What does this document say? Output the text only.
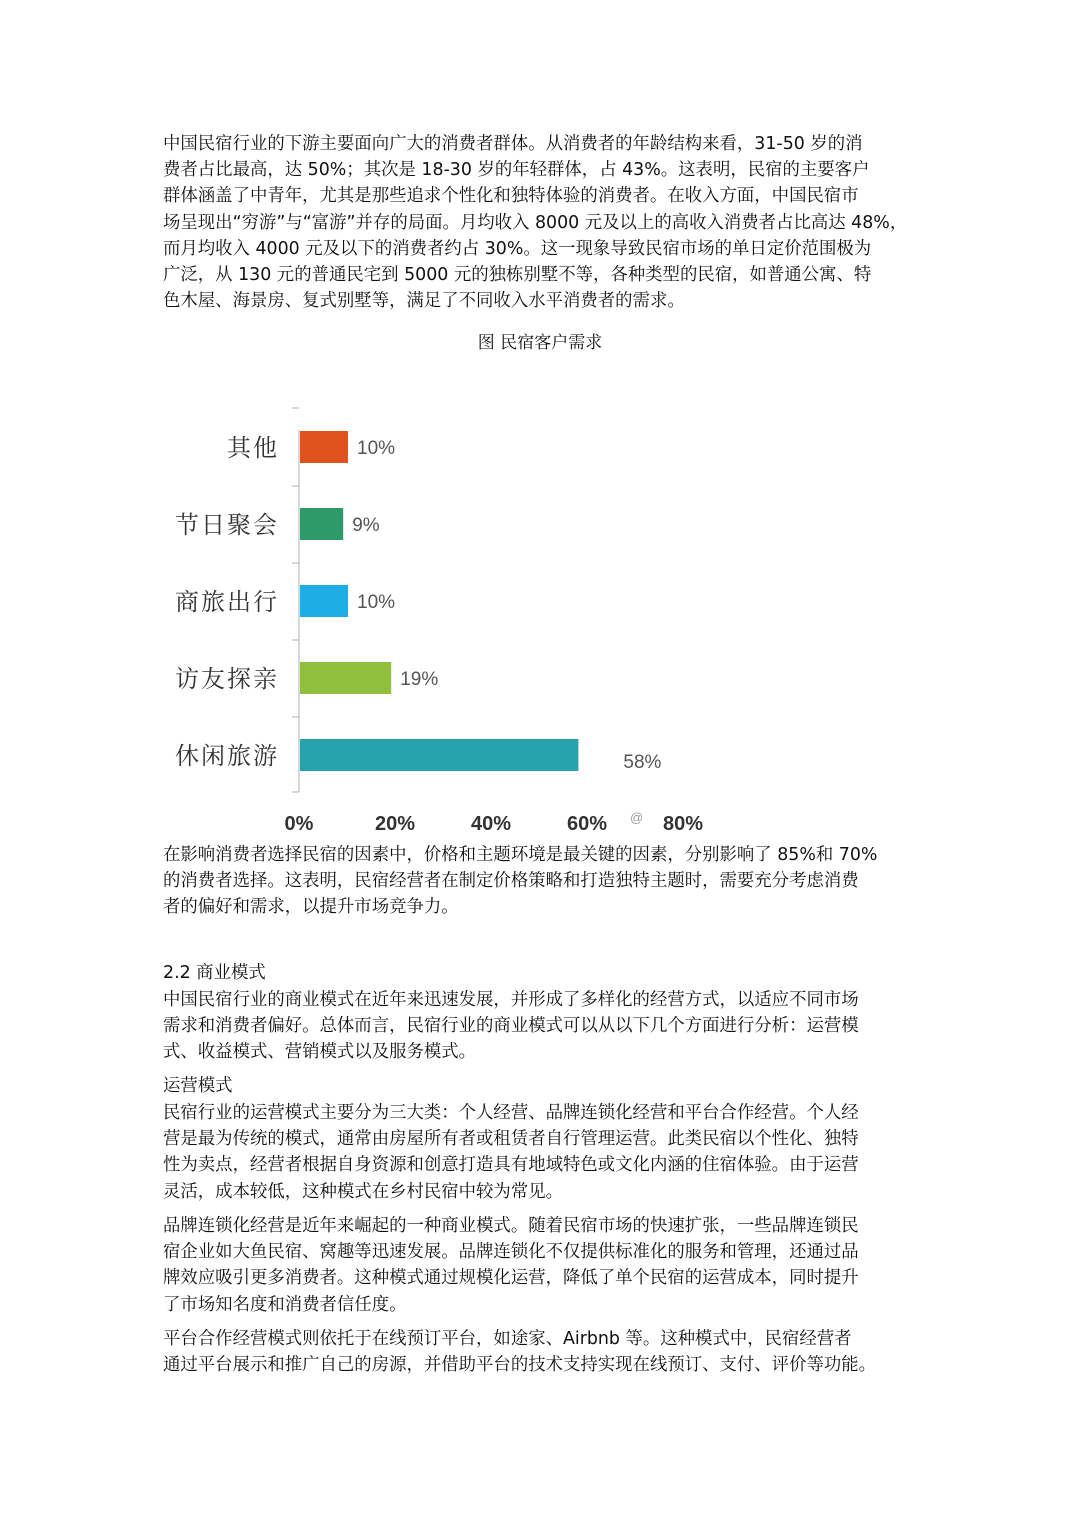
中国民宿行业的下游主要面向广大的消费者群体。从消费者的年龄结构来看，31-50 岁的消
费者占比最高，达 50%；其次是 18-30 岁的年轻群体，占 43%。这表明，民宿的主要客户
群体涵盖了中青年，尤其是那些追求个性化和独特体验的消费者。在收入方面，中国民宿市
场呈现出“穷游”与“富游”并存的局面。月均收入 8000 元及以上的高收入消费者占比高达 48%，
而月均收入 4000 元及以下的消费者约占 30%。这一现象导致民宿市场的单日定价范围极为
广泛，从 130 元的普通民宅到 5000 元的独栋别墅不等，各种类型的民宿，如普通公寓、特
色木屋、海景房、复式别墅等，满足了不同收入水平消费者的需求。
图 民宿客户需求
0%	20%	40%	60%	80%
其他	10%
节日聚会	9%
商旅出行	10%
访友探亲	19%
休闲旅游	58%
@
在影响消费者选择民宿的因素中，价格和主题环境是最关键的因素，分别影响了 85%和 70%
的消费者选择。这表明，民宿经营者在制定价格策略和打造独特主题时，需要充分考虑消费
者的偏好和需求，以提升市场竞争力。
2.2 商业模式
中国民宿行业的商业模式在近年来迅速发展，并形成了多样化的经营方式，以适应不同市场
需求和消费者偏好。总体而言，民宿行业的商业模式可以从以下几个方面进行分析：运营模
式、收益模式、营销模式以及服务模式。
运营模式
民宿行业的运营模式主要分为三大类：个人经营、品牌连锁化经营和平台合作经营。个人经
营是最为传统的模式，通常由房屋所有者或租赁者自行管理运营。此类民宿以个性化、独特
性为卖点，经营者根据自身资源和创意打造具有地域特色或文化内涵的住宿体验。由于运营
灵活，成本较低，这种模式在乡村民宿中较为常见。
品牌连锁化经营是近年来崛起的一种商业模式。随着民宿市场的快速扩张，一些品牌连锁民
宿企业如大鱼民宿、窝趣等迅速发展。品牌连锁化不仅提供标准化的服务和管理，还通过品
牌效应吸引更多消费者。这种模式通过规模化运营，降低了单个民宿的运营成本，同时提升
了市场知名度和消费者信任度。
平台合作经营模式则依托于在线预订平台，如途家、Airbnb 等。这种模式中，民宿经营者
通过平台展示和推广自己的房源，并借助平台的技术支持实现在线预订、支付、评价等功能。
